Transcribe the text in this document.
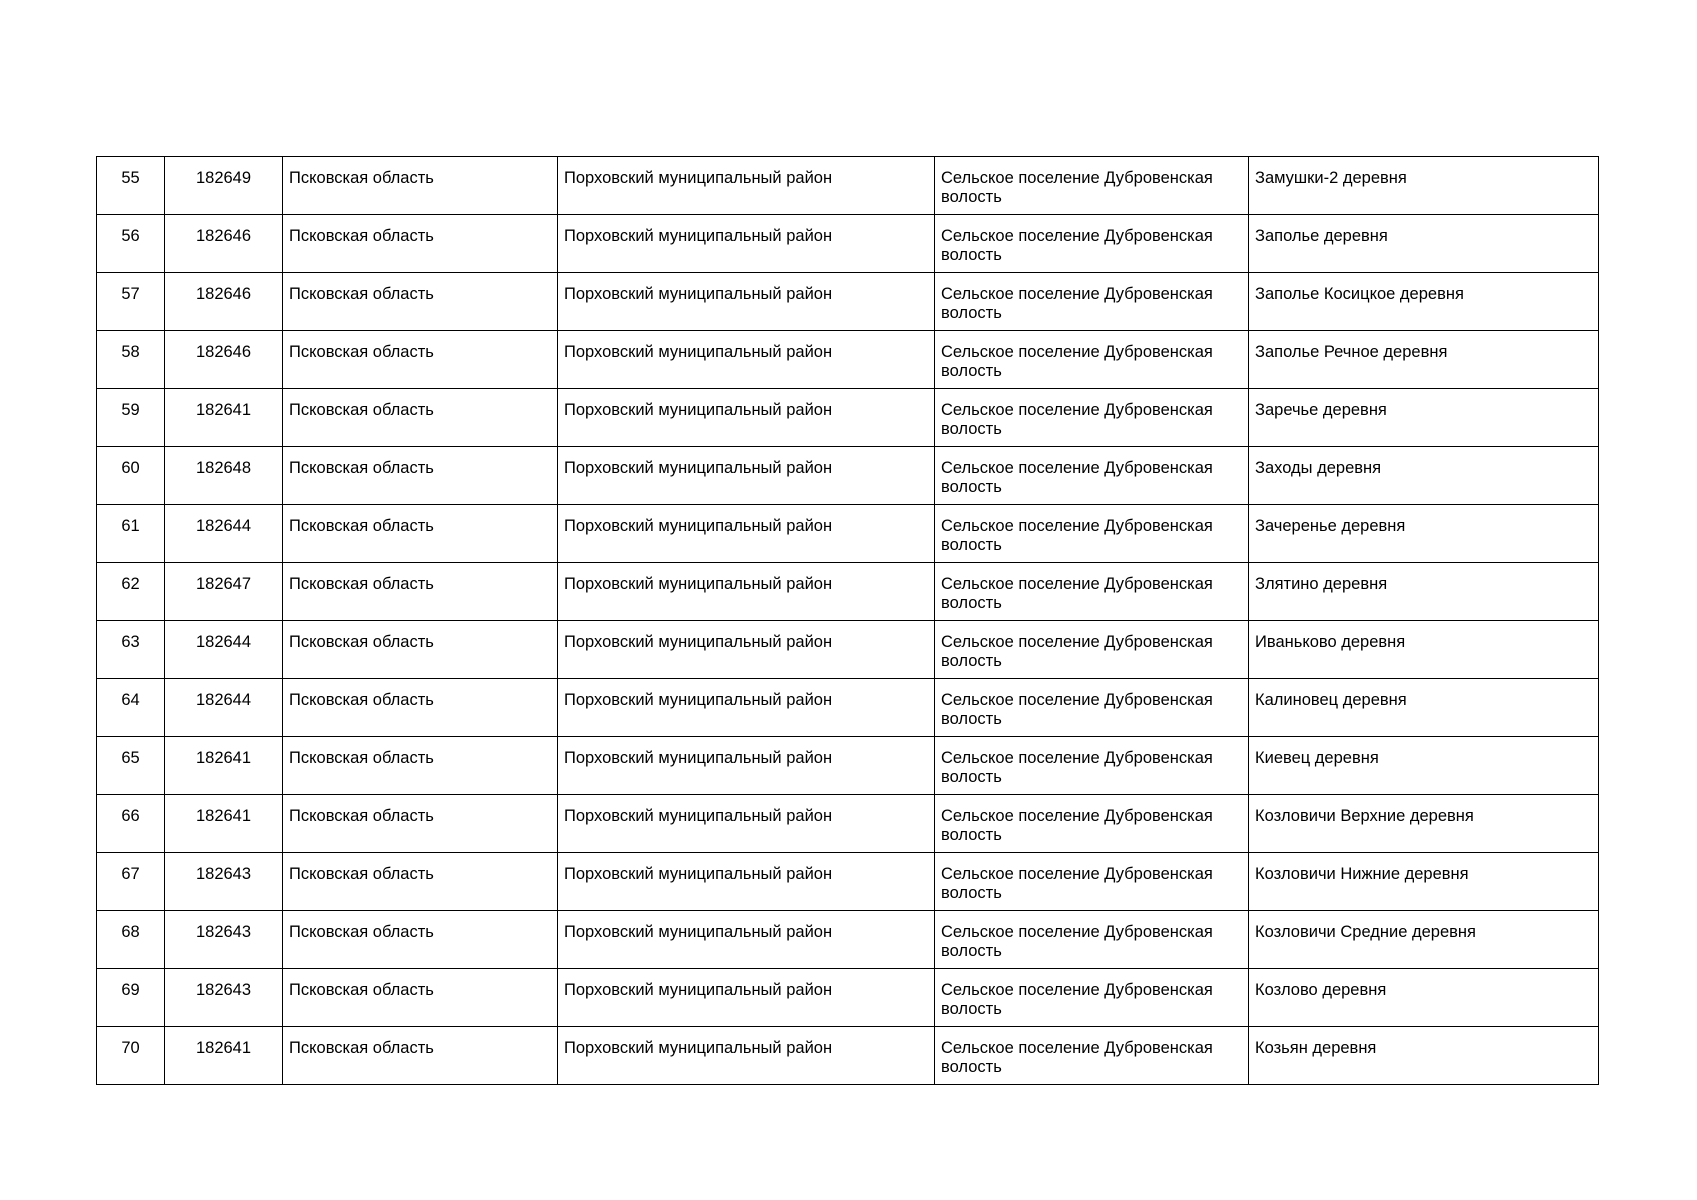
55	182649	Псковская область	Порховский муниципальный район	Сельское поселение Дубровенская волость	Замушки-2 деревня
56	182646	Псковская область	Порховский муниципальный район	Сельское поселение Дубровенская волость	Заполье деревня
57	182646	Псковская область	Порховский муниципальный район	Сельское поселение Дубровенская волость	Заполье Косицкое деревня
58	182646	Псковская область	Порховский муниципальный район	Сельское поселение Дубровенская волость	Заполье Речное деревня
59	182641	Псковская область	Порховский муниципальный район	Сельское поселение Дубровенская волость	Заречье деревня
60	182648	Псковская область	Порховский муниципальный район	Сельское поселение Дубровенская волость	Заходы деревня
61	182644	Псковская область	Порховский муниципальный район	Сельское поселение Дубровенская волость	Зачеренье деревня
62	182647	Псковская область	Порховский муниципальный район	Сельское поселение Дубровенская волость	Злятино деревня
63	182644	Псковская область	Порховский муниципальный район	Сельское поселение Дубровенская волость	Иваньково деревня
64	182644	Псковская область	Порховский муниципальный район	Сельское поселение Дубровенская волость	Калиновец деревня
65	182641	Псковская область	Порховский муниципальный район	Сельское поселение Дубровенская волость	Киевец деревня
66	182641	Псковская область	Порховский муниципальный район	Сельское поселение Дубровенская волость	Козловичи Верхние деревня
67	182643	Псковская область	Порховский муниципальный район	Сельское поселение Дубровенская волость	Козловичи Нижние деревня
68	182643	Псковская область	Порховский муниципальный район	Сельское поселение Дубровенская волость	Козловичи Средние деревня
69	182643	Псковская область	Порховский муниципальный район	Сельское поселение Дубровенская волость	Козлово деревня
70	182641	Псковская область	Порховский муниципальный район	Сельское поселение Дубровенская волость	Козьян деревня
